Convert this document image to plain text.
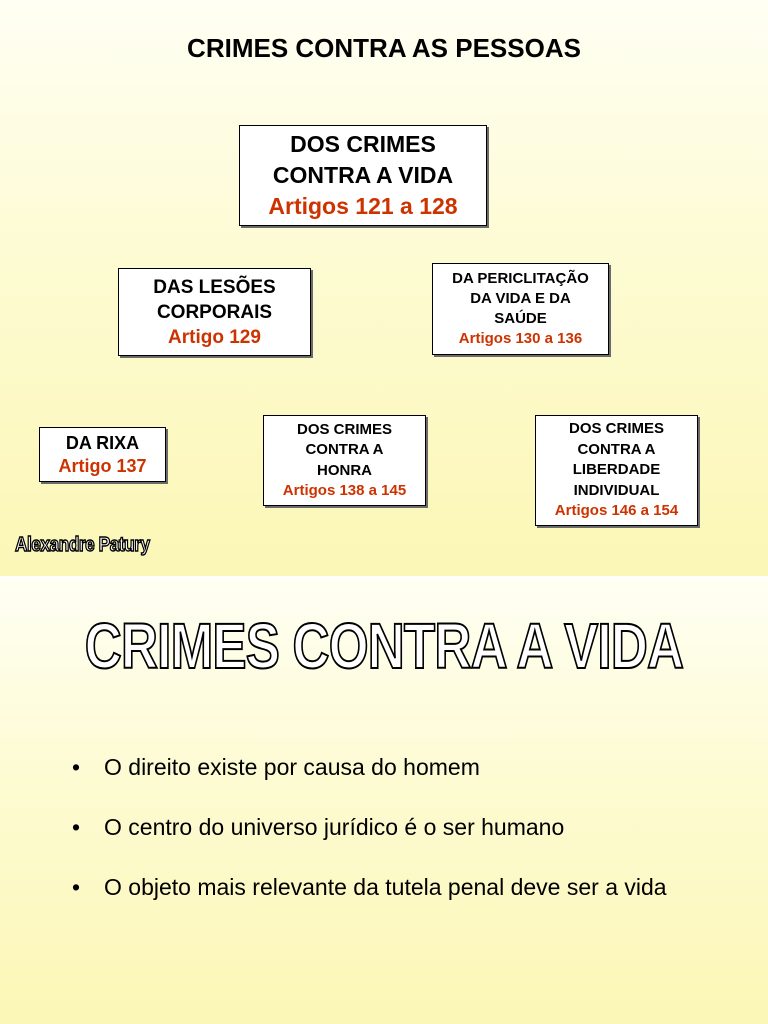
CRIMES CONTRA AS PESSOAS
DOS CRIMES
CONTRA A VIDA
Artigos 121 a 128
DAS LESÕES
CORPORAIS
Artigo 129
DA PERICLITAÇÃO
DA VIDA E DA
SAÚDE
Artigos 130 a 136
DA RIXA
Artigo 137
DOS CRIMES
CONTRA A
HONRA
Artigos 138 a 145
DOS CRIMES
CONTRA A
LIBERDADE
INDIVIDUAL
Artigos 146 a 154
Alexandre Patury
CRIMES CONTRA A VIDA
• O direito existe por causa do homem
• O centro do universo jurídico é o ser humano
• O objeto mais relevante da tutela penal deve ser a vida
